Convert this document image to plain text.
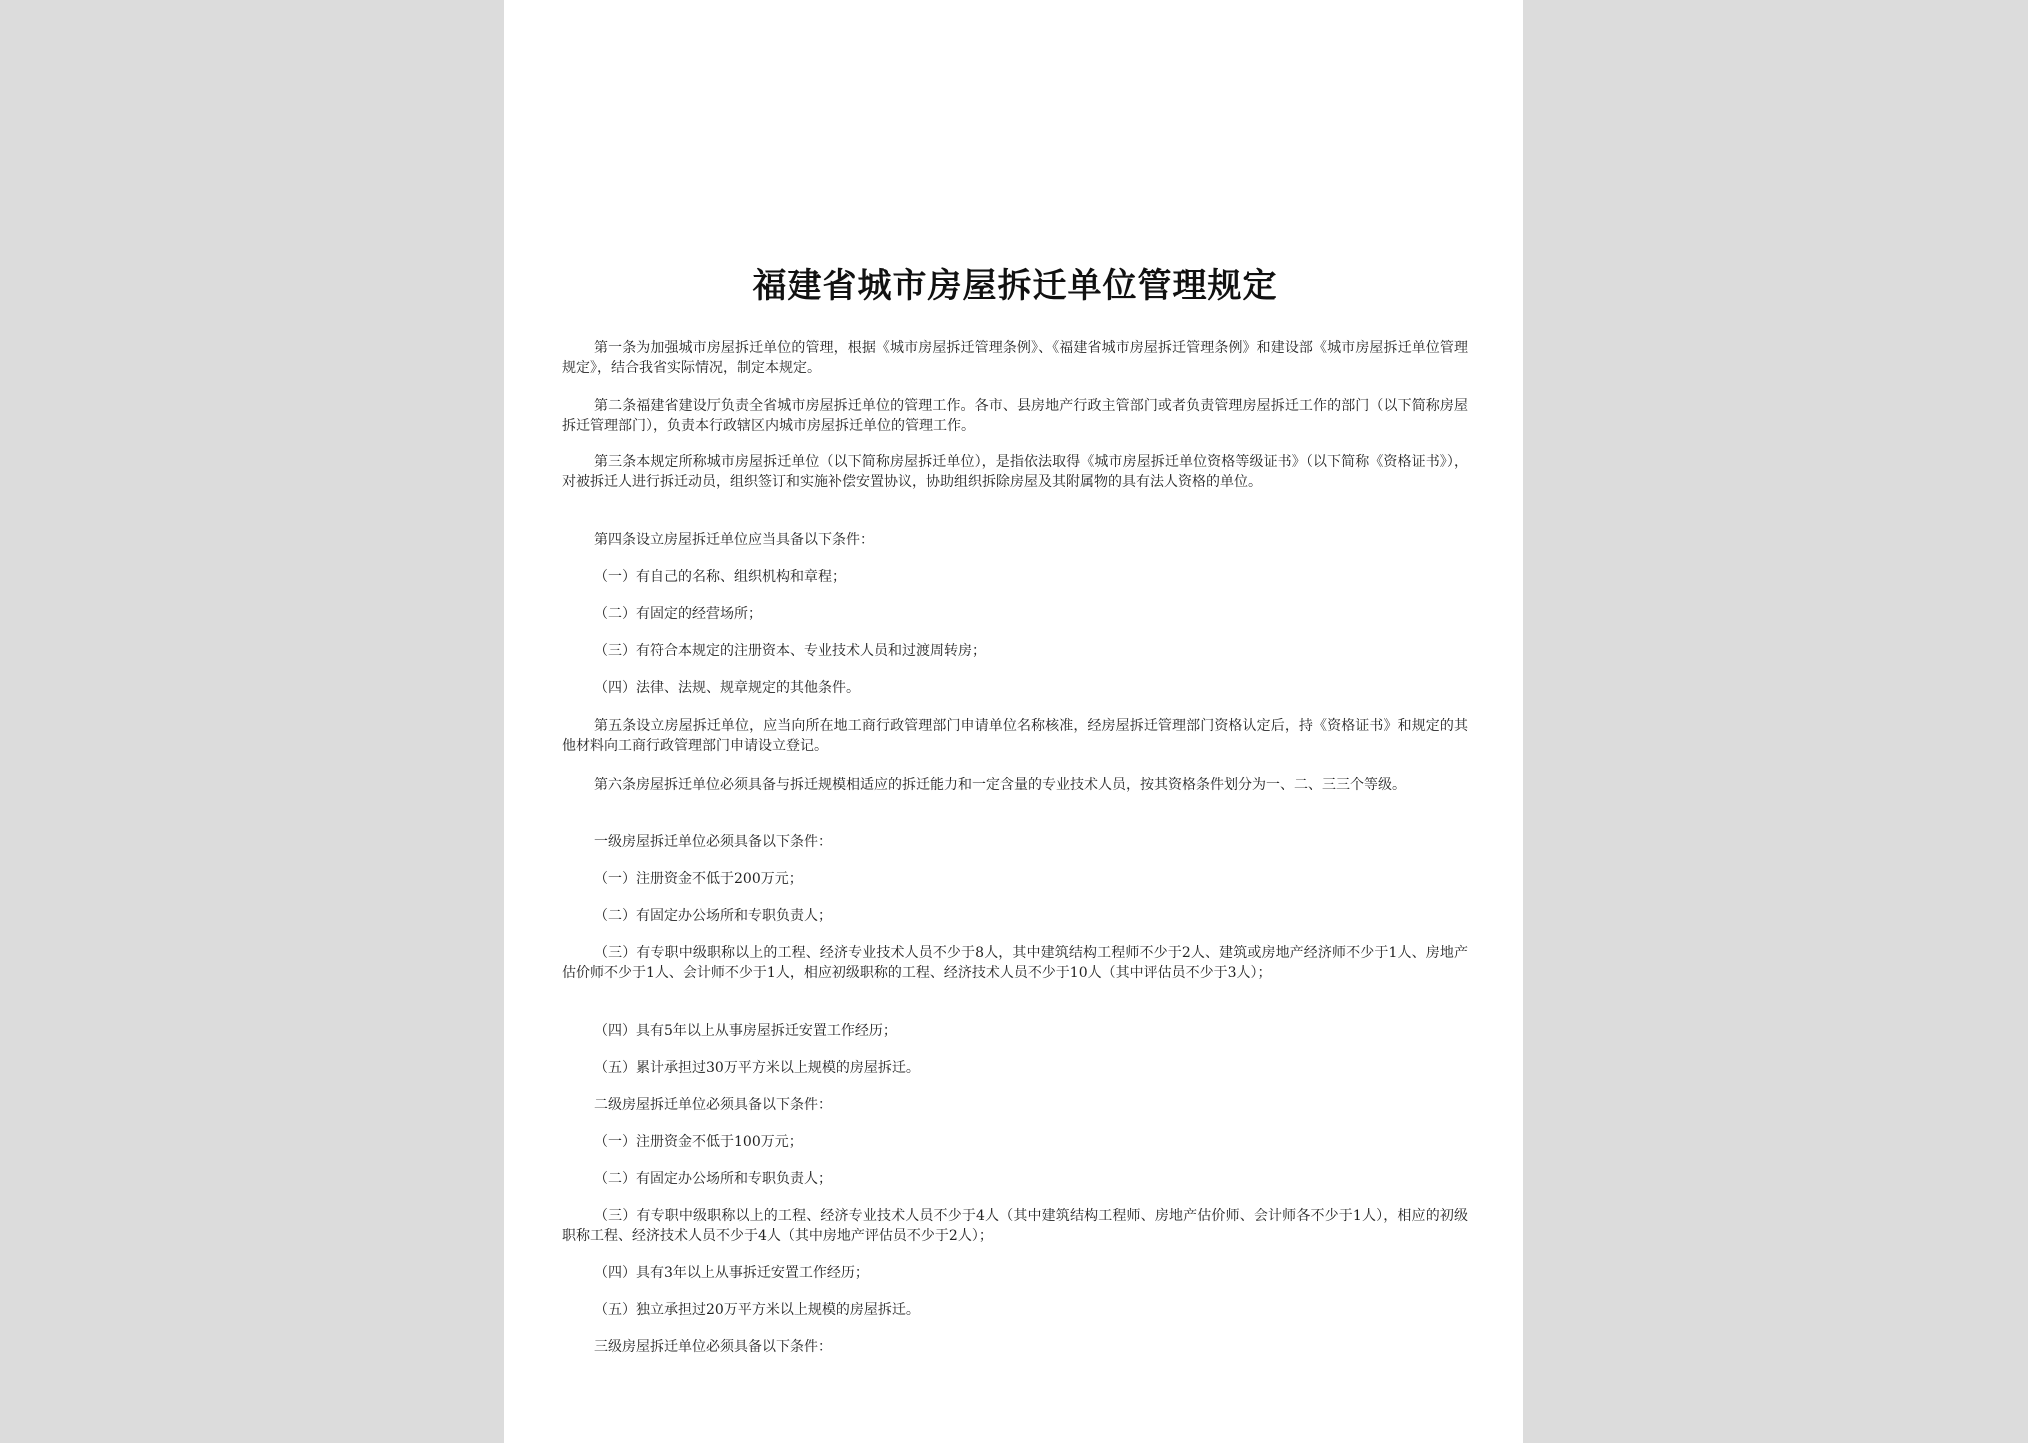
福建省城市房屋拆迁单位管理规定

第一条为加强城市房屋拆迁单位的管理，根据《城市房屋拆迁管理条例》、《福建省城市房屋拆迁管理条例》和建设部《城市房屋拆迁单位管理规定》，结合我省实际情况，制定本规定。

第二条福建省建设厅负责全省城市房屋拆迁单位的管理工作。各市、县房地产行政主管部门或者负责管理房屋拆迁工作的部门（以下简称房屋拆迁管理部门），负责本行政辖区内城市房屋拆迁单位的管理工作。

第三条本规定所称城市房屋拆迁单位（以下简称房屋拆迁单位），是指依法取得《城市房屋拆迁单位资格等级证书》（以下简称《资格证书》），对被拆迁人进行拆迁动员，组织签订和实施补偿安置协议，协助组织拆除房屋及其附属物的具有法人资格的单位。

第四条设立房屋拆迁单位应当具备以下条件：

（一）有自己的名称、组织机构和章程；

（二）有固定的经营场所；

（三）有符合本规定的注册资本、专业技术人员和过渡周转房；

（四）法律、法规、规章规定的其他条件。

第五条设立房屋拆迁单位，应当向所在地工商行政管理部门申请单位名称核准，经房屋拆迁管理部门资格认定后，持《资格证书》和规定的其他材料向工商行政管理部门申请设立登记。

第六条房屋拆迁单位必须具备与拆迁规模相适应的拆迁能力和一定含量的专业技术人员，按其资格条件划分为一、二、三三个等级。

一级房屋拆迁单位必须具备以下条件：

（一）注册资金不低于200万元；

（二）有固定办公场所和专职负责人；

（三）有专职中级职称以上的工程、经济专业技术人员不少于8人，其中建筑结构工程师不少于2人、建筑或房地产经济师不少于1人、房地产估价师不少于1人、会计师不少于1人，相应初级职称的工程、经济技术人员不少于10人（其中评估员不少于3人）；

（四）具有5年以上从事房屋拆迁安置工作经历；

（五）累计承担过30万平方米以上规模的房屋拆迁。

二级房屋拆迁单位必须具备以下条件：

（一）注册资金不低于100万元；

（二）有固定办公场所和专职负责人；

（三）有专职中级职称以上的工程、经济专业技术人员不少于4人（其中建筑结构工程师、房地产估价师、会计师各不少于1人），相应的初级职称工程、经济技术人员不少于4人（其中房地产评估员不少于2人）；

（四）具有3年以上从事拆迁安置工作经历；

（五）独立承担过20万平方米以上规模的房屋拆迁。

三级房屋拆迁单位必须具备以下条件：
